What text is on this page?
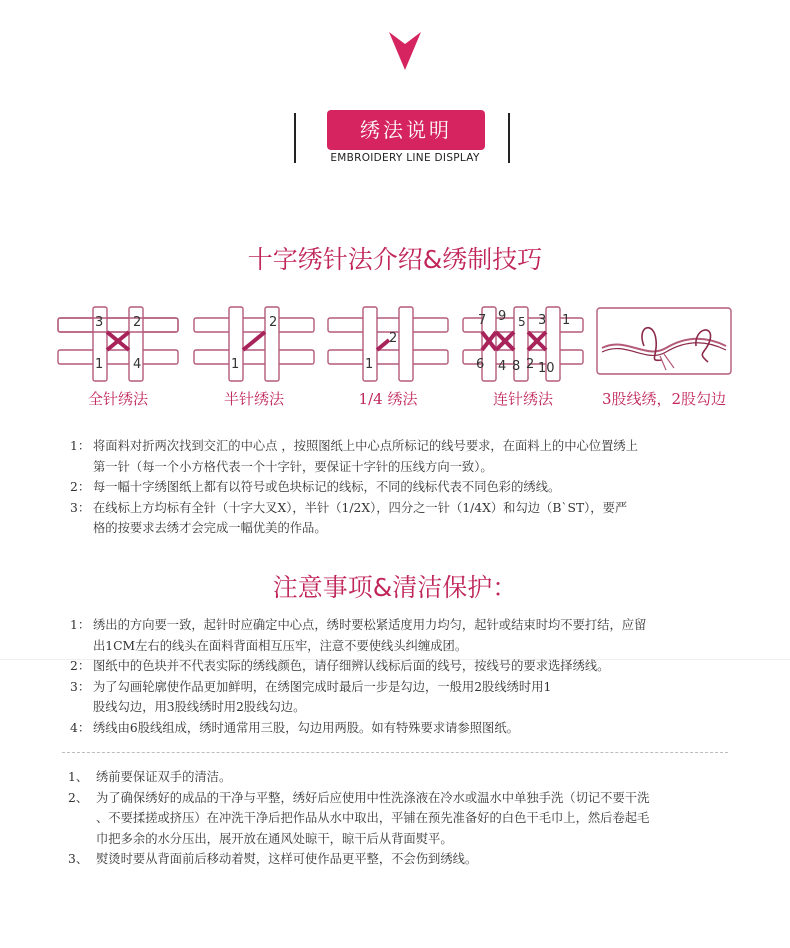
绣法说明
EMBROIDERY LINE DISPLAY
十字绣针法介绍&绣制技巧
3 2
1 4
全针绣法
2
1
半针绣法
2
1
1/4 绣法
7 9 5 3 1
6 4 8 2 10
连针绣法	3股线绣，2股勾边
1： 将面料对折两次找到交汇的中心点 ，按照图纸上中心点所标记的线号要求，在面料上的中心位置绣上
第一针（每一个小方格代表一个十字针，要保证十字针的压线方向一致）。
2： 每一幅十字绣图纸上都有以符号或色块标记的线标，不同的线标代表不同色彩的绣线。
3： 在线标上方均标有全针（十字大叉X），半针（1/2X），四分之一针（1/4X）和勾边（B`ST），要严
格的按要求去绣才会完成一幅优美的作品。
注意事项&清洁保护：
1： 绣出的方向要一致，起针时应确定中心点，绣时要松紧适度用力均匀，起针或结束时均不要打结，应留
出1CM左右的线头在面料背面相互压牢，注意不要使线头纠缠成团。
2： 图纸中的色块并不代表实际的绣线颜色，请仔细辨认线标后面的线号，按线号的要求选择绣线。
3： 为了勾画轮廓使作品更加鲜明，在绣图完成时最后一步是勾边，一般用2股线绣时用1
股线勾边，用3股线绣时用2股线勾边。
4： 绣线由6股线组成，绣时通常用三股，勾边用两股。如有特殊要求请参照图纸。
1、 绣前要保证双手的清洁。
2、 为了确保绣好的成品的干净与平整，绣好后应使用中性洗涤液在冷水或温水中单独手洗（切记不要干洗
、不要揉搓或挤压）在冲洗干净后把作品从水中取出，平铺在预先准备好的白色干毛巾上，然后卷起毛
巾把多余的水分压出，展开放在通风处晾干，晾干后从背面熨平。
3、 熨烫时要从背面前后移动着熨，这样可使作品更平整，不会伤到绣线。
